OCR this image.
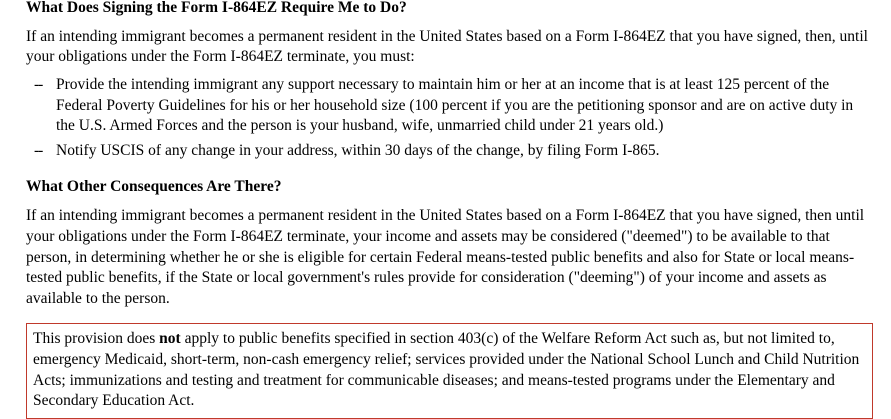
What Does Signing the Form I-864EZ Require Me to Do?

If an intending immigrant becomes a permanent resident in the United States based on a Form I-864EZ that you have signed, then, until your obligations under the Form I-864EZ terminate, you must:

-- Provide the intending immigrant any support necessary to maintain him or her at an income that is at least 125 percent of the Federal Poverty Guidelines for his or her household size (100 percent if you are the petitioning sponsor and are on active duty in the U.S. Armed Forces and the person is your husband, wife, unmarried child under 21 years old.)
-- Notify USCIS of any change in your address, within 30 days of the change, by filing Form I-865.
What Other Consequences Are There?

If an intending immigrant becomes a permanent resident in the United States based on a Form I-864EZ that you have signed, then until your obligations under the Form I-864EZ terminate, your income and assets may be considered ("deemed") to be available to that person, in determining whether he or she is eligible for certain Federal means-tested public benefits and also for State or local means-tested public benefits, if the State or local government's rules provide for consideration ("deeming") of your income and assets as available to the person.

This provision does not apply to public benefits specified in section 403(c) of the Welfare Reform Act such as, but not limited to, emergency Medicaid, short-term, non-cash emergency relief; services provided under the National School Lunch and Child Nutrition Acts; immunizations and testing and treatment for communicable diseases; and means-tested programs under the Elementary and Secondary Education Act.
